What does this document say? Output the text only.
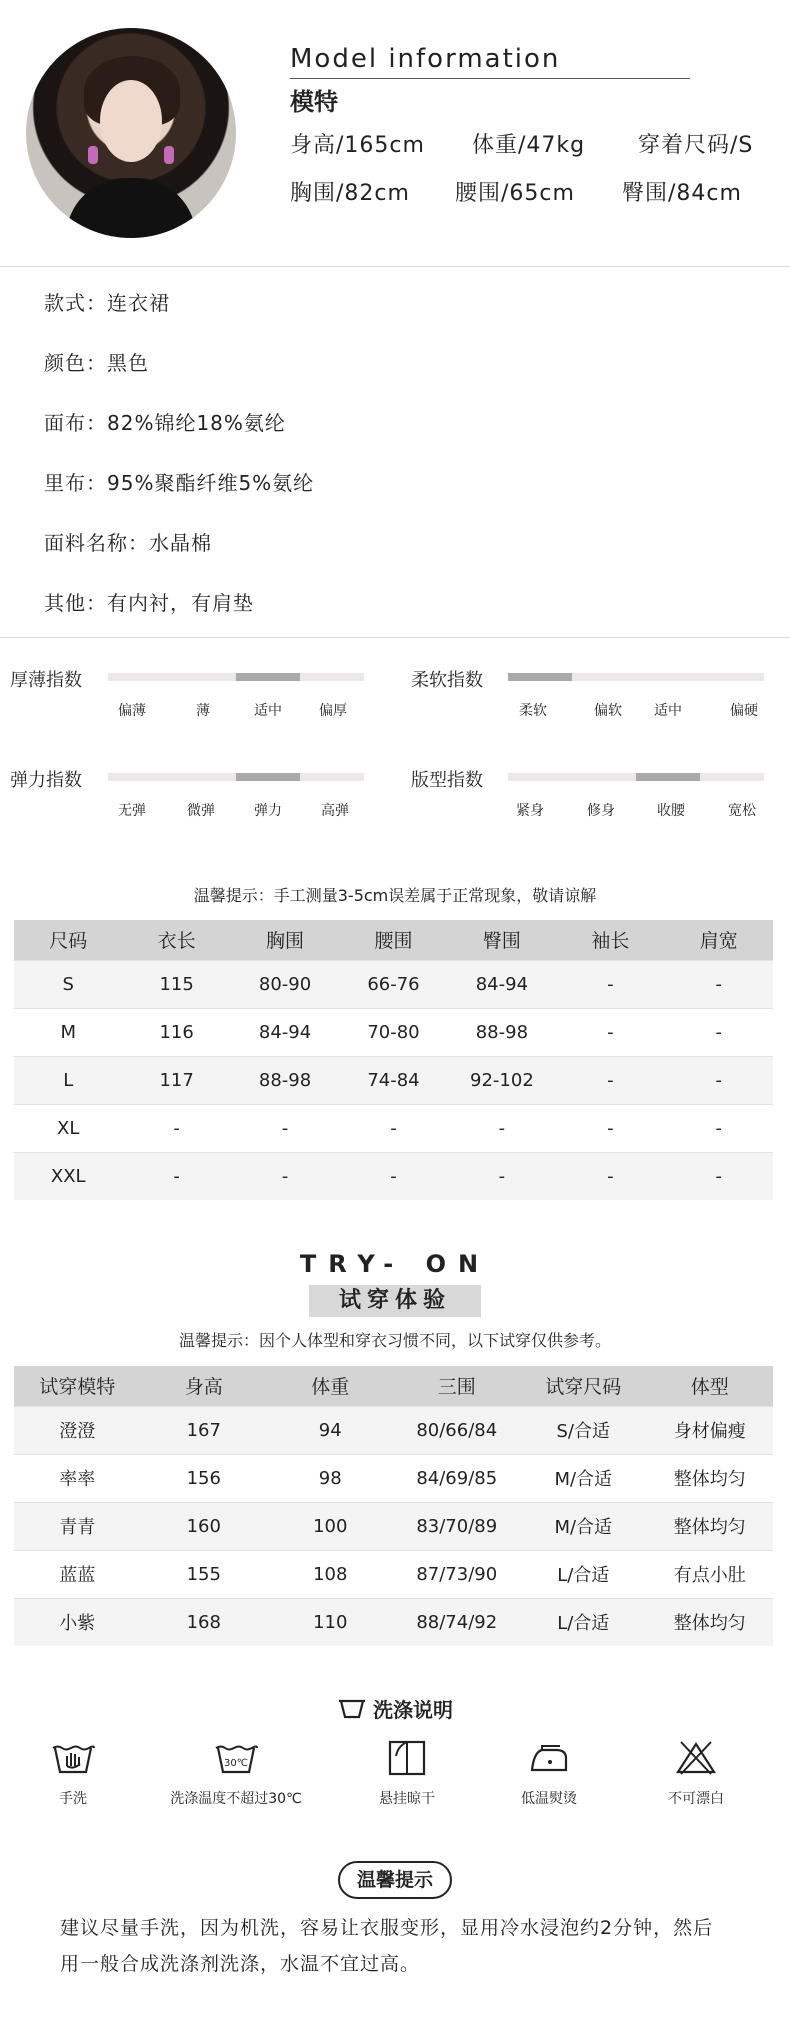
Model information
模特
身高/165cm 体重/47kg 穿着尺码/S
胸围/82cm 腰围/65cm 臀围/84cm
款式：连衣裙
颜色：黑色
面布：82%锦纶18%氨纶
里布：95%聚酯纤维5%氨纶
面料名称：水晶棉
其他：有内衬，有肩垫
厚薄指数
偏薄	薄	适中	偏厚
柔软指数
柔软	偏软 适中	偏硬
弹力指数
无弹	微弹	弹力	高弹
版型指数
紧身	修身	收腰	宽松
温馨提示：手工测量3-5cm误差属于正常现象，敬请谅解
尺码	衣长	胸围	腰围	臀围	袖长	肩宽
S	115	80-90	66-76	84-94	-	-
M	116	84-94	70-80	88-98	-	-
L	117	88-98	74-84	92-102	-	-
XL	-	-	-	-	-	-
XXL	-	-	-	-	-	-
TRY- ON
试穿体验
温馨提示：因个人体型和穿衣习惯不同，以下试穿仅供参考。
试穿模特	身高	体重	三围	试穿尺码	体型
澄澄	167	94	80/66/84	S/合适	身材偏瘦
率率	156	98	84/69/85	M/合适	整体均匀
青青	160	100	83/70/89	M/合适	整体均匀
蓝蓝	155	108	87/73/90	L/合适	有点小肚
小紫	168	110	88/74/92	L/合适	整体均匀
洗涤说明
手洗
30℃
洗涤温度不超过30℃	悬挂晾干	低温熨烫	不可漂白
温馨提示
建议尽量手洗，因为机洗，容易让衣服变形，显用冷水浸泡约2分钟，然后
用一般合成洗涤剂洗涤，水温不宜过高。
